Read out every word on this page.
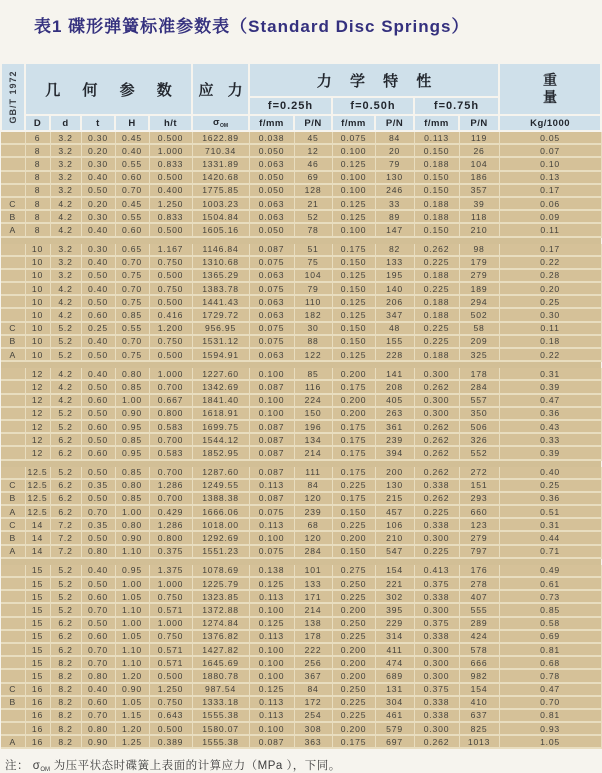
表1 碟形弹簧标准参数表（Standard Disc Springs）
GB/T 1972	几 何 参 数					应 力	力 学 特 性						重
量
							f=0.25h		f=0.50h		f=0.75h		
	D	d	t	H	h/t	$\sigma_{OM}$	f/mm	P/N	f/mm	P/N	f/mm	P/N	Kg/1000
	6	3.2	0.30	0.45	0.500	1622.89	0.038	45	0.075	84	0.113	119	0.05
	8	3.2	0.20	0.40	1.000	710.34	0.050	12	0.100	20	0.150	26	0.07
	8	3.2	0.30	0.55	0.833	1331.89	0.063	46	0.125	79	0.188	104	0.10
	8	3.2	0.40	0.60	0.500	1420.68	0.050	69	0.100	130	0.150	186	0.13
	8	3.2	0.50	0.70	0.400	1775.85	0.050	128	0.100	246	0.150	357	0.17
C	8	4.2	0.20	0.45	1.250	1003.23	0.063	21	0.125	33	0.188	39	0.06
B	8	4.2	0.30	0.55	0.833	1504.84	0.063	52	0.125	89	0.188	118	0.09
A	8	4.2	0.40	0.60	0.500	1605.16	0.050	78	0.100	147	0.150	210	0.11

	10	3.2	0.30	0.65	1.167	1146.84	0.087	51	0.175	82	0.262	98	0.17
	10	3.2	0.40	0.70	0.750	1310.68	0.075	75	0.150	133	0.225	179	0.22
	10	3.2	0.50	0.75	0.500	1365.29	0.063	104	0.125	195	0.188	279	0.28
	10	4.2	0.40	0.70	0.750	1383.78	0.075	79	0.150	140	0.225	189	0.20
	10	4.2	0.50	0.75	0.500	1441.43	0.063	110	0.125	206	0.188	294	0.25
	10	4.2	0.60	0.85	0.416	1729.72	0.063	182	0.125	347	0.188	502	0.30
C	10	5.2	0.25	0.55	1.200	956.95	0.075	30	0.150	48	0.225	58	0.11
B	10	5.2	0.40	0.70	0.750	1531.12	0.075	88	0.150	155	0.225	209	0.18
A	10	5.2	0.50	0.75	0.500	1594.91	0.063	122	0.125	228	0.188	325	0.22

	12	4.2	0.40	0.80	1.000	1227.60	0.100	85	0.200	141	0.300	178	0.31
	12	4.2	0.50	0.85	0.700	1342.69	0.087	116	0.175	208	0.262	284	0.39
	12	4.2	0.60	1.00	0.667	1841.40	0.100	224	0.200	405	0.300	557	0.47
	12	5.2	0.50	0.90	0.800	1618.91	0.100	150	0.200	263	0.300	350	0.36
	12	5.2	0.60	0.95	0.583	1699.75	0.087	196	0.175	361	0.262	506	0.43
	12	6.2	0.50	0.85	0.700	1544.12	0.087	134	0.175	239	0.262	326	0.33
	12	6.2	0.60	0.95	0.583	1852.95	0.087	214	0.175	394	0.262	552	0.39

	12.5	5.2	0.50	0.85	0.700	1287.60	0.087	111	0.175	200	0.262	272	0.40
C	12.5	6.2	0.35	0.80	1.286	1249.55	0.113	84	0.225	130	0.338	151	0.25
B	12.5	6.2	0.50	0.85	0.700	1388.38	0.087	120	0.175	215	0.262	293	0.36
A	12.5	6.2	0.70	1.00	0.429	1666.06	0.075	239	0.150	457	0.225	660	0.51
C	14	7.2	0.35	0.80	1.286	1018.00	0.113	68	0.225	106	0.338	123	0.31
B	14	7.2	0.50	0.90	0.800	1292.69	0.100	120	0.200	210	0.300	279	0.44
A	14	7.2	0.80	1.10	0.375	1551.23	0.075	284	0.150	547	0.225	797	0.71

	15	5.2	0.40	0.95	1.375	1078.69	0.138	101	0.275	154	0.413	176	0.49
	15	5.2	0.50	1.00	1.000	1225.79	0.125	133	0.250	221	0.375	278	0.61
	15	5.2	0.60	1.05	0.750	1323.85	0.113	171	0.225	302	0.338	407	0.73
	15	5.2	0.70	1.10	0.571	1372.88	0.100	214	0.200	395	0.300	555	0.85
	15	6.2	0.50	1.00	1.000	1274.84	0.125	138	0.250	229	0.375	289	0.58
	15	6.2	0.60	1.05	0.750	1376.82	0.113	178	0.225	314	0.338	424	0.69
	15	6.2	0.70	1.10	0.571	1427.82	0.100	222	0.200	411	0.300	578	0.81
	15	8.2	0.70	1.10	0.571	1645.69	0.100	256	0.200	474	0.300	666	0.68
	15	8.2	0.80	1.20	0.500	1880.78	0.100	367	0.200	689	0.300	982	0.78
C	16	8.2	0.40	0.90	1.250	987.54	0.125	84	0.250	131	0.375	154	0.47
B	16	8.2	0.60	1.05	0.750	1333.18	0.113	172	0.225	304	0.338	410	0.70
	16	8.2	0.70	1.15	0.643	1555.38	0.113	254	0.225	461	0.338	637	0.81
	16	8.2	0.80	1.20	0.500	1580.07	0.100	308	0.200	579	0.300	825	0.93
A	16	8.2	0.90	1.25	0.389	1555.38	0.087	363	0.175	697	0.262	1013	1.05
注： $\sigma_{OM}$ 为压平状态时碟簧上表面的计算应力（MPa ），下同。
